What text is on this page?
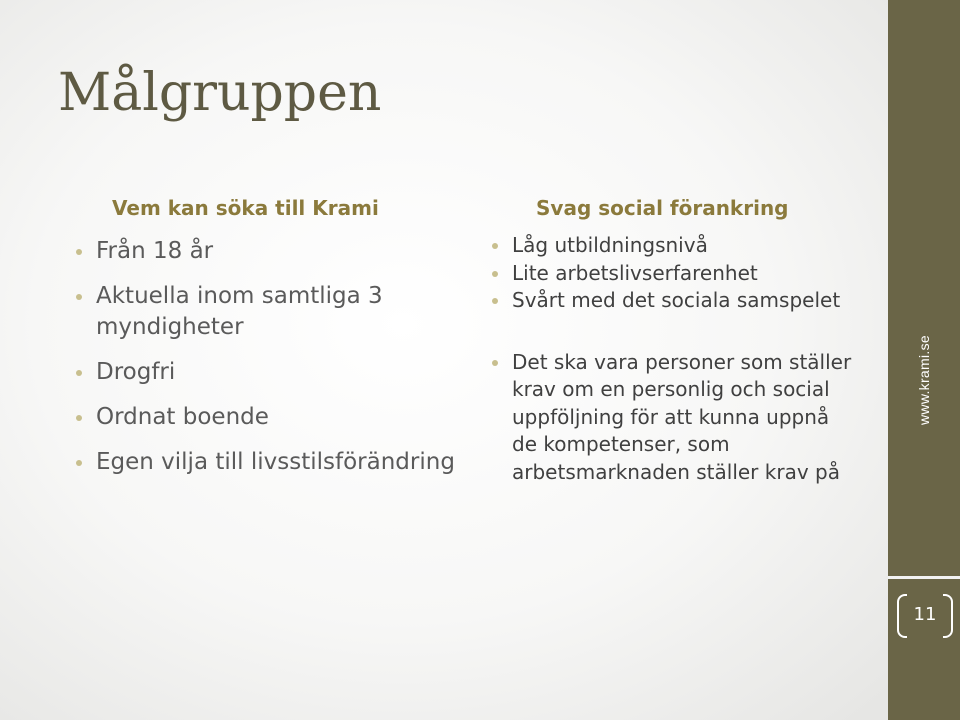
Målgruppen
Vem kan söka till Krami
Från 18 år
Aktuella inom samtliga 3 myndigheter
Drogfri
Ordnat boende
Egen vilja till livsstilsförändring
Svag social förankring
Låg utbildningsnivå
Lite arbetslivserfarenhet
Svårt med det sociala samspelet
Det ska vara personer som ställer krav om en personlig och social uppföljning för att kunna uppnå de kompetenser, som arbetsmarknaden ställer krav på
www.krami.se
11
